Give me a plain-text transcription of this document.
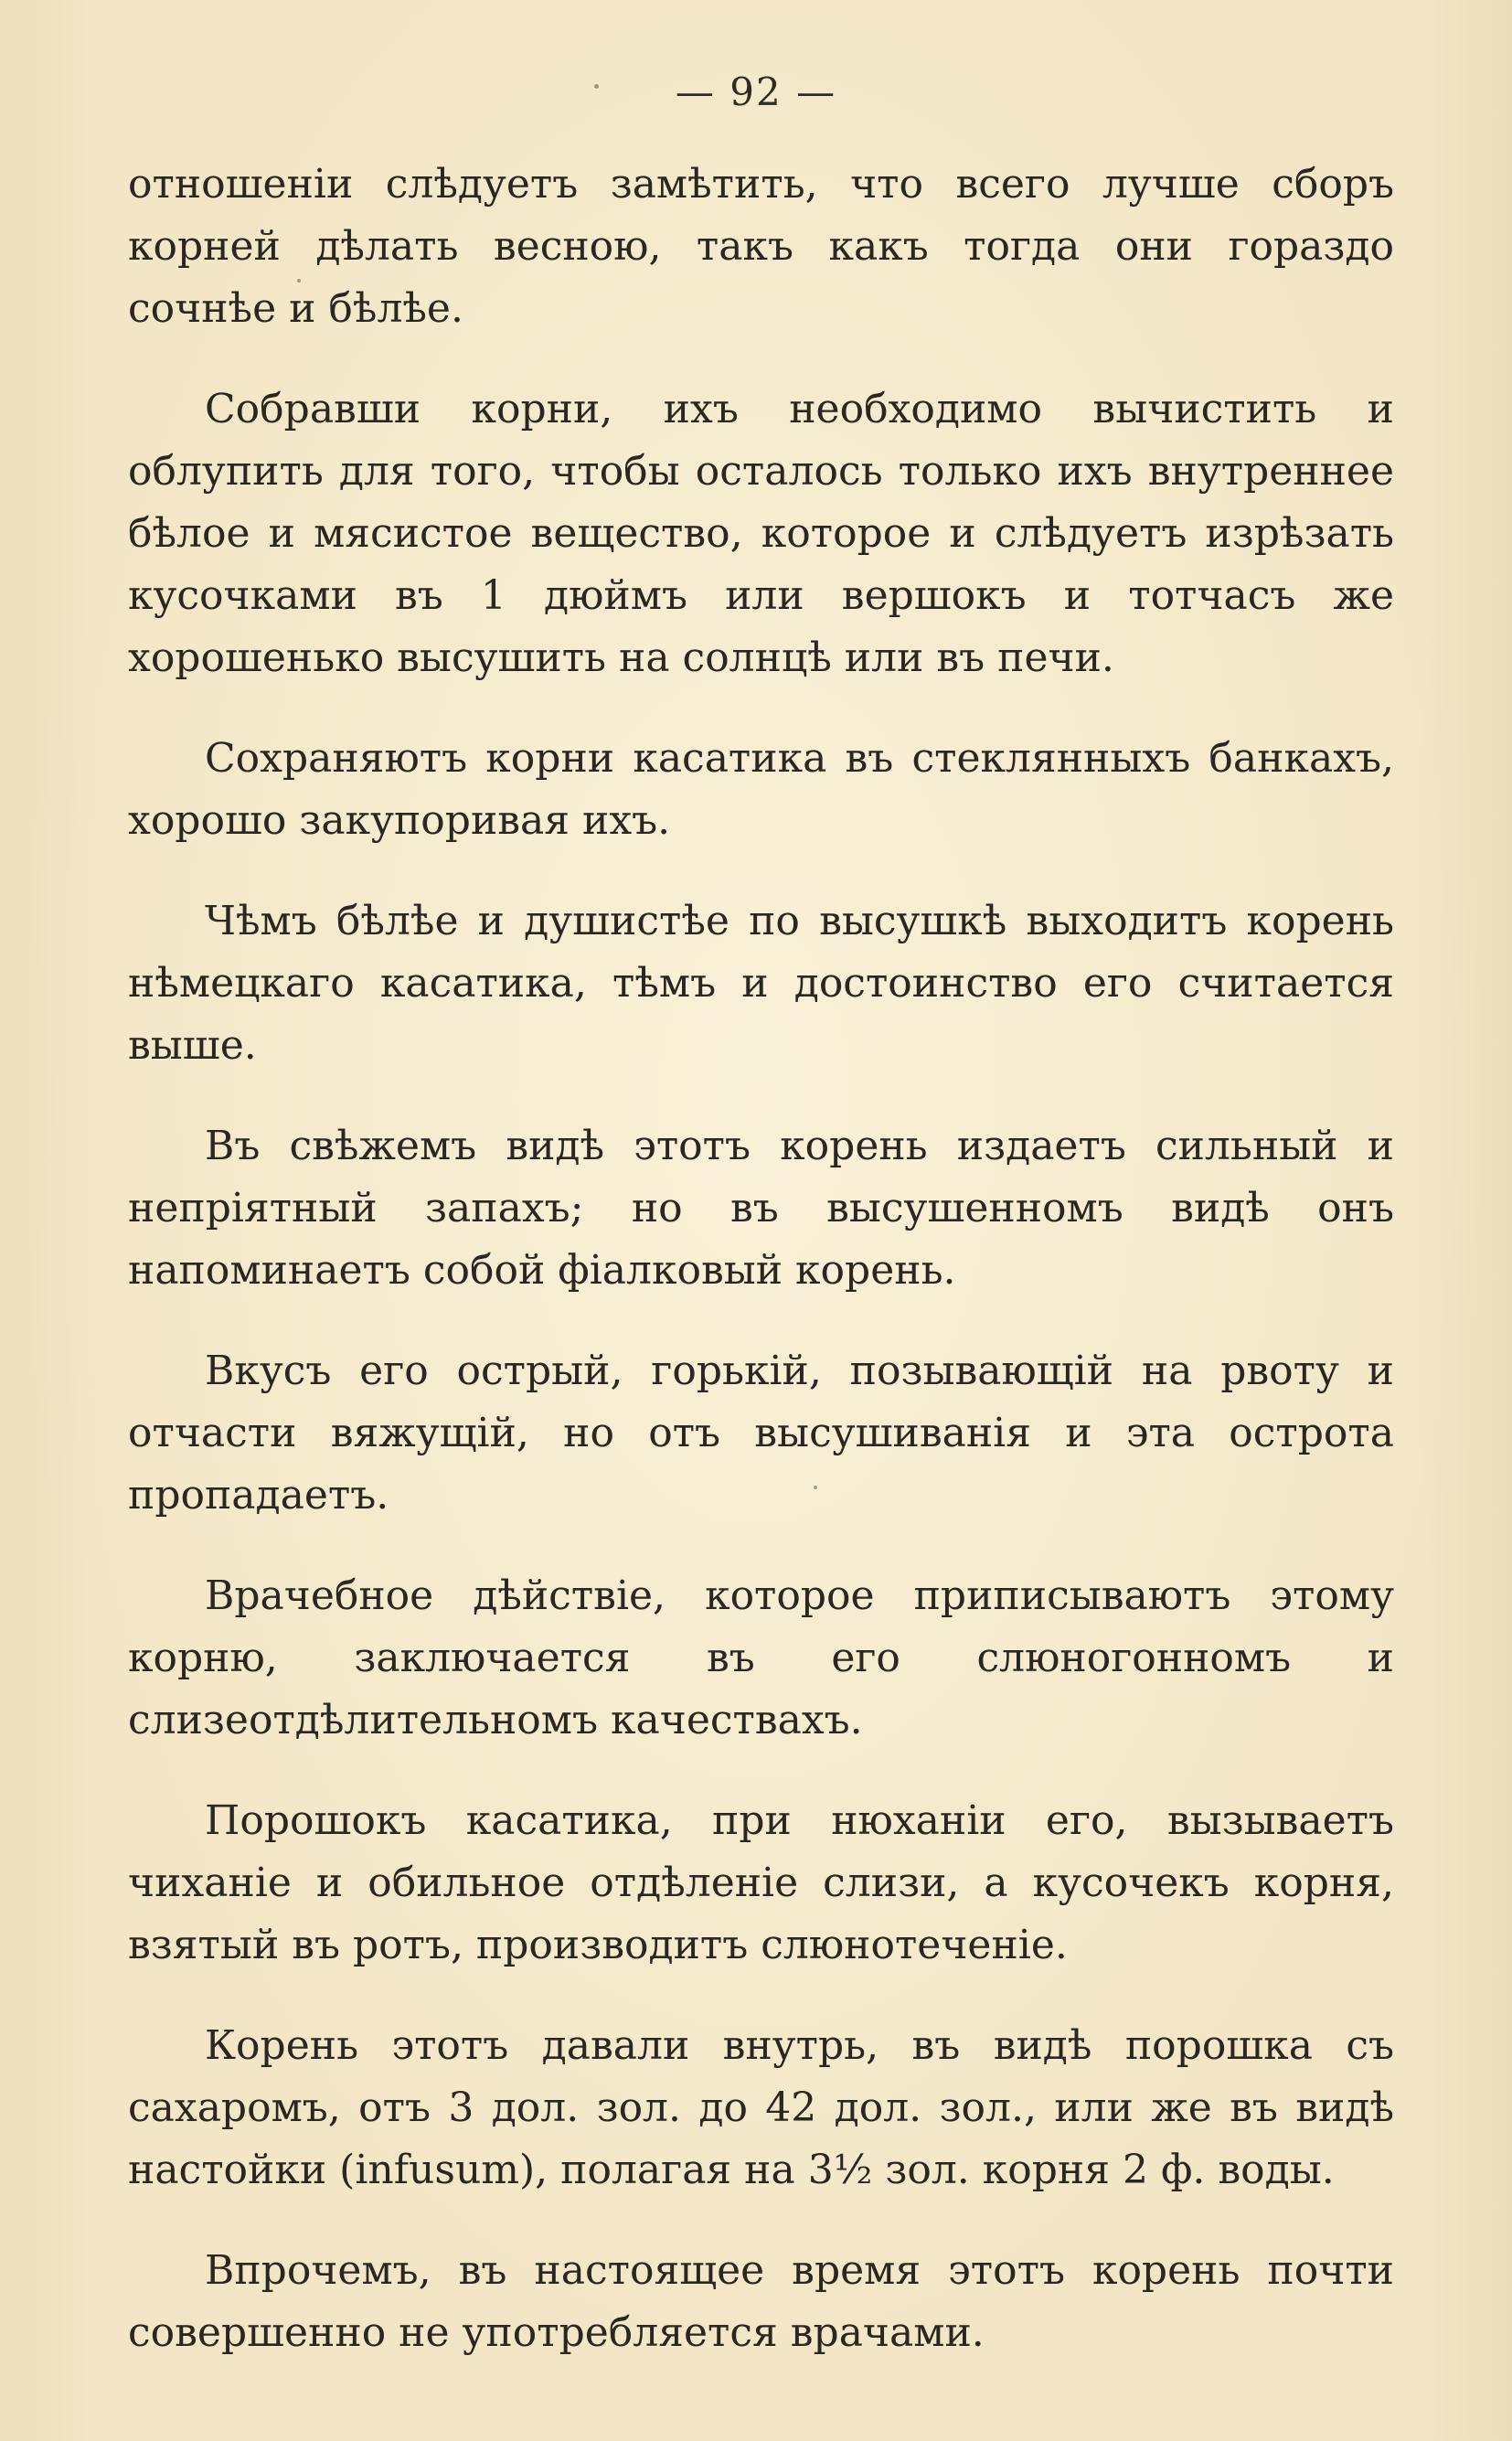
— 92 —

отношеніи слѣдуетъ замѣтить, что всего лучше сборъ корней дѣлать весною, такъ какъ тогда они гораздо сочнѣе и бѣлѣе.

Собравши корни, ихъ необходимо вычистить и облупить для того, чтобы осталось только ихъ внутреннее бѣлое и мясистое вещество, которое и слѣдуетъ изрѣзать кусочками въ 1 дюймъ или вершокъ и тотчасъ же хорошенько высушить на солнцѣ или въ печи.

Сохраняютъ корни касатика въ стеклянныхъ банкахъ, хорошо закупоривая ихъ.

Чѣмъ бѣлѣе и душистѣе по высушкѣ выходитъ корень нѣмецкаго касатика, тѣмъ и достоинство его считается выше.

Въ свѣжемъ видѣ этотъ корень издаетъ сильный и непріятный запахъ; но въ высушенномъ видѣ онъ напоминаетъ собой фіалковый корень.

Вкусъ его острый, горькій, позывающій на рвоту и отчасти вяжущій, но отъ высушиванія и эта острота пропадаетъ.

Врачебное дѣйствіе, которое приписываютъ этому корню, заключается въ его слюногонномъ и слизеотдѣлительномъ качествахъ.

Порошокъ касатика, при нюханіи его, вызываетъ чиханіе и обильное отдѣленіе слизи, а кусочекъ корня, взятый въ ротъ, производитъ слюнотеченіе.

Корень этотъ давали внутрь, въ видѣ порошка съ сахаромъ, отъ 3 дол. зол. до 42 дол. зол., или же въ видѣ настойки (infusum), полагая на 3½ зол. корня 2 ф. воды.

Впрочемъ, въ настоящее время этотъ корень почти совершенно не употребляется врачами.
